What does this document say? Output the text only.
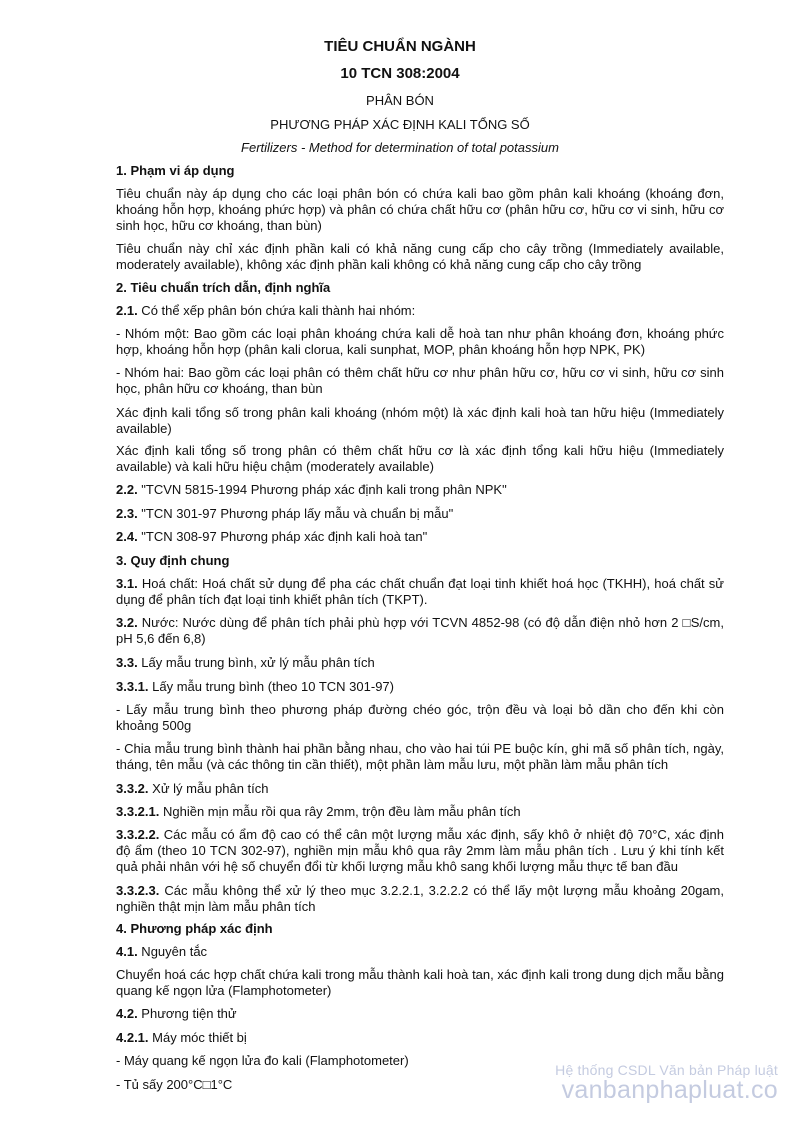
TIÊU CHUẨN NGÀNH
10 TCN 308:2004
PHÂN BÓN
PHƯƠNG PHÁP XÁC ĐỊNH KALI TỔNG SỐ
Fertilizers - Method for determination of total potassium
1. Phạm vi áp dụng

Tiêu chuẩn này áp dụng cho các loại phân bón có chứa kali bao gồm phân kali khoáng (khoáng đơn, khoáng hỗn hợp, khoáng phức hợp) và phân có chứa chất hữu cơ (phân hữu cơ, hữu cơ vi sinh, hữu cơ sinh học, hữu cơ khoáng, than bùn)

Tiêu chuẩn này chỉ xác định phần kali có khả năng cung cấp cho cây trồng (Immediately available, moderately available), không xác định phần kali không có khả năng cung cấp cho cây trồng

2. Tiêu chuẩn trích dẫn, định nghĩa

2.1. Có thể xếp phân bón chứa kali thành hai nhóm:

- Nhóm một: Bao gồm các loại phân khoáng chứa kali dễ hoà tan như phân khoáng đơn, khoáng phức hợp, khoáng hỗn hợp (phân kali clorua, kali sunphat, MOP, phân khoáng hỗn hợp NPK, PK)

- Nhóm hai: Bao gồm các loại phân có thêm chất hữu cơ như phân hữu cơ, hữu cơ vi sinh, hữu cơ sinh học, phân hữu cơ khoáng, than bùn

Xác định kali tổng số trong phân kali khoáng (nhóm một) là xác định kali hoà tan hữu hiệu (Immediately available)

Xác định kali tổng số trong phân có thêm chất hữu cơ là xác định tổng kali hữu hiệu (Immediately available) và kali hữu hiệu chậm (moderately available)

2.2. "TCVN 5815-1994 Phương pháp xác định kali trong phân NPK"

2.3. "TCN 301-97 Phương pháp lấy mẫu và chuẩn bị mẫu"

2.4. "TCN 308-97 Phương pháp xác định kali hoà tan"

3. Quy định chung

3.1. Hoá chất: Hoá chất sử dụng để pha các chất chuẩn đạt loại tinh khiết hoá học (TKHH), hoá chất sử dụng để phân tích đạt loại tinh khiết phân tích (TKPT).

3.2. Nước: Nước dùng để phân tích phải phù hợp với TCVN 4852-98 (có độ dẫn điện nhỏ hơn 2 □S/cm, pH 5,6 đến 6,8)

3.3. Lấy mẫu trung bình, xử lý mẫu phân tích

3.3.1. Lấy mẫu trung bình (theo 10 TCN 301-97)

- Lấy mẫu trung bình theo phương pháp đường chéo góc, trộn đều và loại bỏ dần cho đến khi còn khoảng 500g

- Chia mẫu trung bình thành hai phần bằng nhau, cho vào hai túi PE buộc kín, ghi mã số phân tích, ngày, tháng, tên mẫu (và các thông tin cần thiết), một phần làm mẫu lưu, một phần làm mẫu phân tích

3.3.2. Xử lý mẫu phân tích

3.3.2.1. Nghiền mịn mẫu rồi qua rây 2mm, trộn đều làm mẫu phân tích

3.3.2.2. Các mẫu có ẩm độ cao có thể cân một lượng mẫu xác định, sấy khô ở nhiệt độ 70°C, xác định độ ẩm (theo 10 TCN 302-97), nghiền mịn mẫu khô qua rây 2mm làm mẫu phân tích . Lưu ý khi tính kết quả phải nhân với hệ số chuyển đổi từ khối lượng mẫu khô sang khối lượng mẫu thực tế ban đầu

3.3.2.3. Các mẫu không thể xử lý theo mục 3.2.2.1, 3.2.2.2 có thể lấy một lượng mẫu khoảng 20gam, nghiền thật mịn làm mẫu phân tích

4. Phương pháp xác định

4.1. Nguyên tắc

Chuyển hoá các hợp chất chứa kali trong mẫu thành kali hoà tan, xác định kali trong dung dịch mẫu bằng quang kế ngọn lửa (Flamphotometer)

4.2. Phương tiện thử

4.2.1. Máy móc thiết bị

- Máy quang kế ngọn lửa đo kali (Flamphotometer)

- Tủ sấy 200°C□1°C

Hệ thống CSDL Văn bản Pháp luật
vanbanphapluat.co
